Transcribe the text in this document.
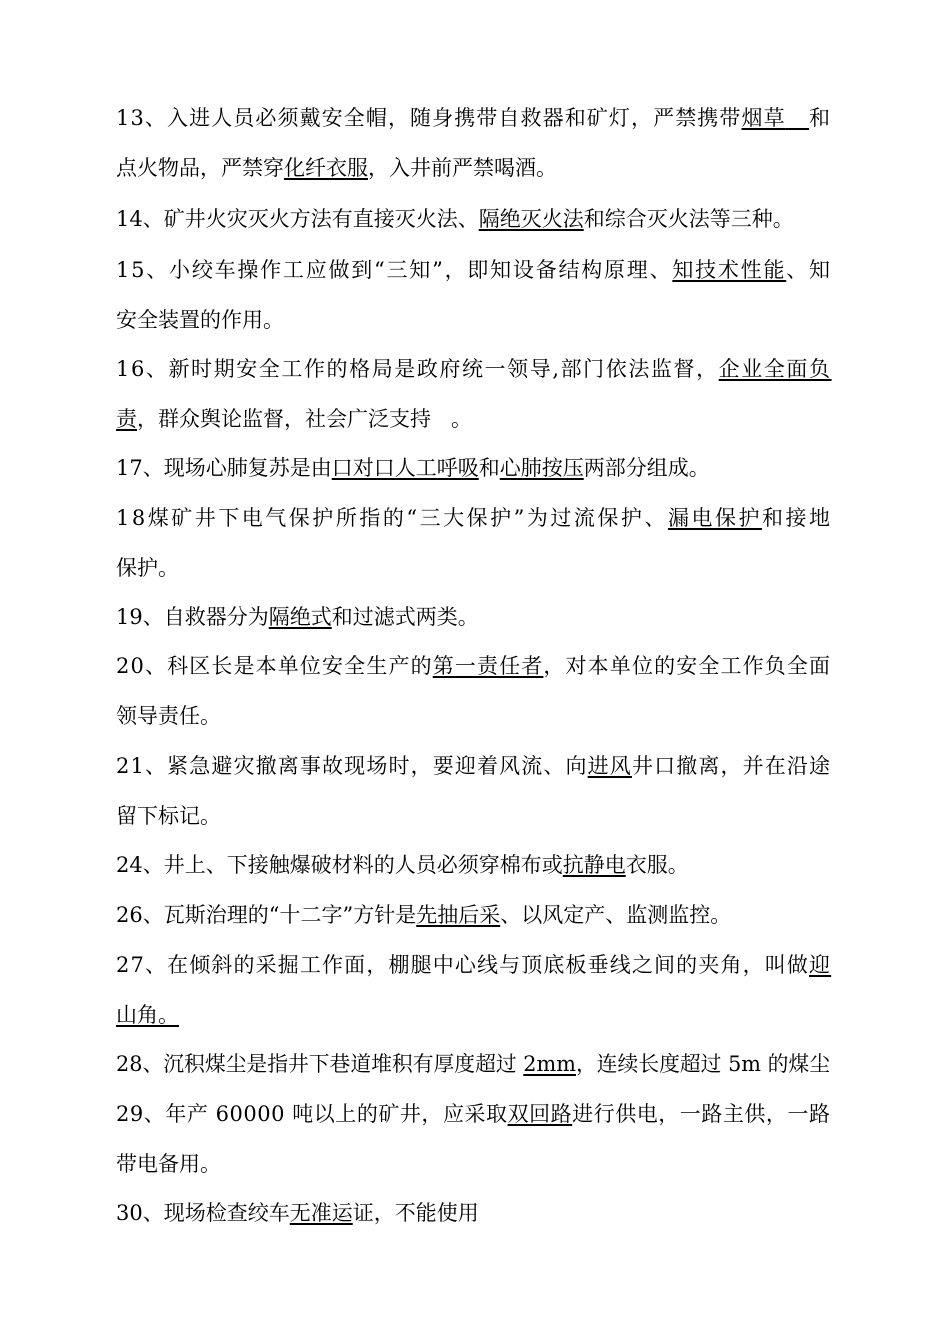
13、入进人员必须戴安全帽，随身携带自救器和矿灯，严禁携带烟草 和
点火物品，严禁穿化纤衣服，入井前严禁喝酒。
14、矿井火灾灭火方法有直接灭火法、隔绝灭火法和综合灭火法等三种。
15、小绞车操作工应做到“三知”，即知设备结构原理、知技术性能、知
安全装置的作用。
16、新时期安全工作的格局是政府统一领导,部门依法监督，企业全面负
责，群众舆论监督，社会广泛支持   。
17、现场心肺复苏是由口对口人工呼吸和心肺按压两部分组成。
18煤矿井下电气保护所指的“三大保护”为过流保护、漏电保护和接地
保护。
19、自救器分为隔绝式和过滤式两类。
20、科区长是本单位安全生产的第一责任者，对本单位的安全工作负全面
领导责任。
21、紧急避灾撤离事故现场时，要迎着风流、向进风井口撤离，并在沿途
留下标记。
24、井上、下接触爆破材料的人员必须穿棉布或抗静电衣服。
26、瓦斯治理的“十二字”方针是先抽后采、以风定产、监测监控。
27、在倾斜的采掘工作面，棚腿中心线与顶底板垂线之间的夹角，叫做迎
山角。
28、沉积煤尘是指井下巷道堆积有厚度超过 2mm，连续长度超过 5m 的煤尘
29、年产 60000 吨以上的矿井，应采取双回路进行供电，一路主供，一路
带电备用。
30、现场检查绞车无准运证，不能使用
